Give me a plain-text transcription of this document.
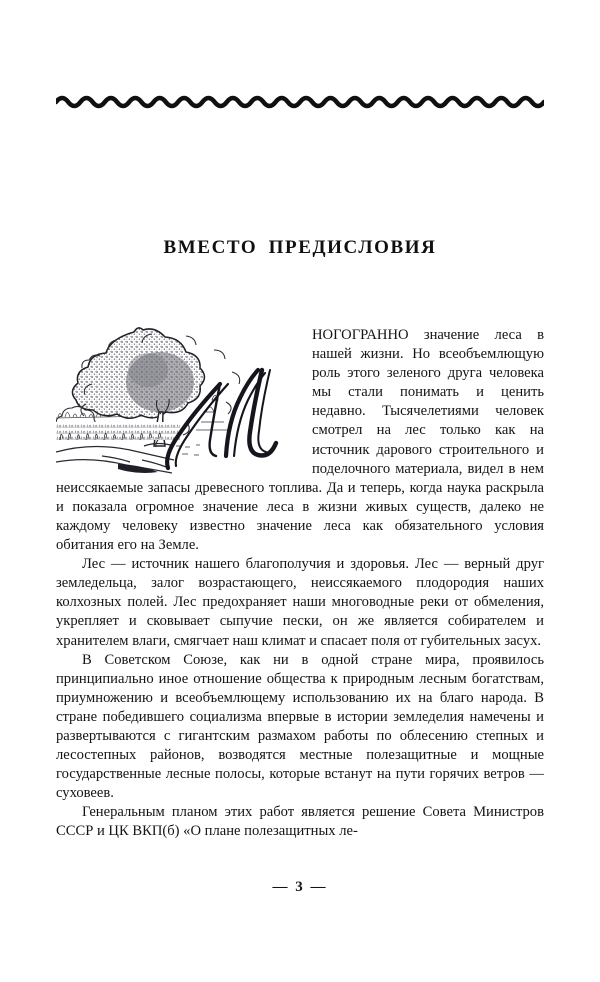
ВМЕСТО ПРЕДИСЛОВИЯ

НОГОГРАННО значение леса в нашей жизни. Но всеобъемлющую роль этого зеленого друга человека мы стали понимать и ценить недавно. Тысячелетиями человек смотрел на лес только как на источник дарового строительного и поделочного материала, видел в нем неиссякаемые запасы древесного топлива. Да и теперь, когда наука раскрыла и показала огромное значение леса в жизни живых существ, далеко не каждому человеку известно значение леса как обязательного условия обитания его на Земле.

Лес — источник нашего благополучия и здоровья. Лес — верный друг земледельца, залог возрастающего, неиссякаемого плодородия наших колхозных полей. Лес предохраняет наши многоводные реки от обмеления, укрепляет и сковывает сыпучие пески, он же является собирателем и хранителем влаги, смягчает наш климат и спасает поля от губительных засух.

В Советском Союзе, как ни в одной стране мира, проявилось принципиально иное отношение общества к природным лесным богатствам, приумножению и всеобъемлющему использованию их на благо народа. В стране победившего социализма впервые в истории земледелия намечены и развертываются с гигантским размахом работы по облесению степных и лесостепных районов, возводятся местные полезащитные и мощные государственные лесные полосы, которые встанут на пути горячих ветров — суховеев.

Генеральным планом этих работ является решение Совета Министров СССР и ЦК ВКП(б) «О плане полезащитных ле-

— 3 —
